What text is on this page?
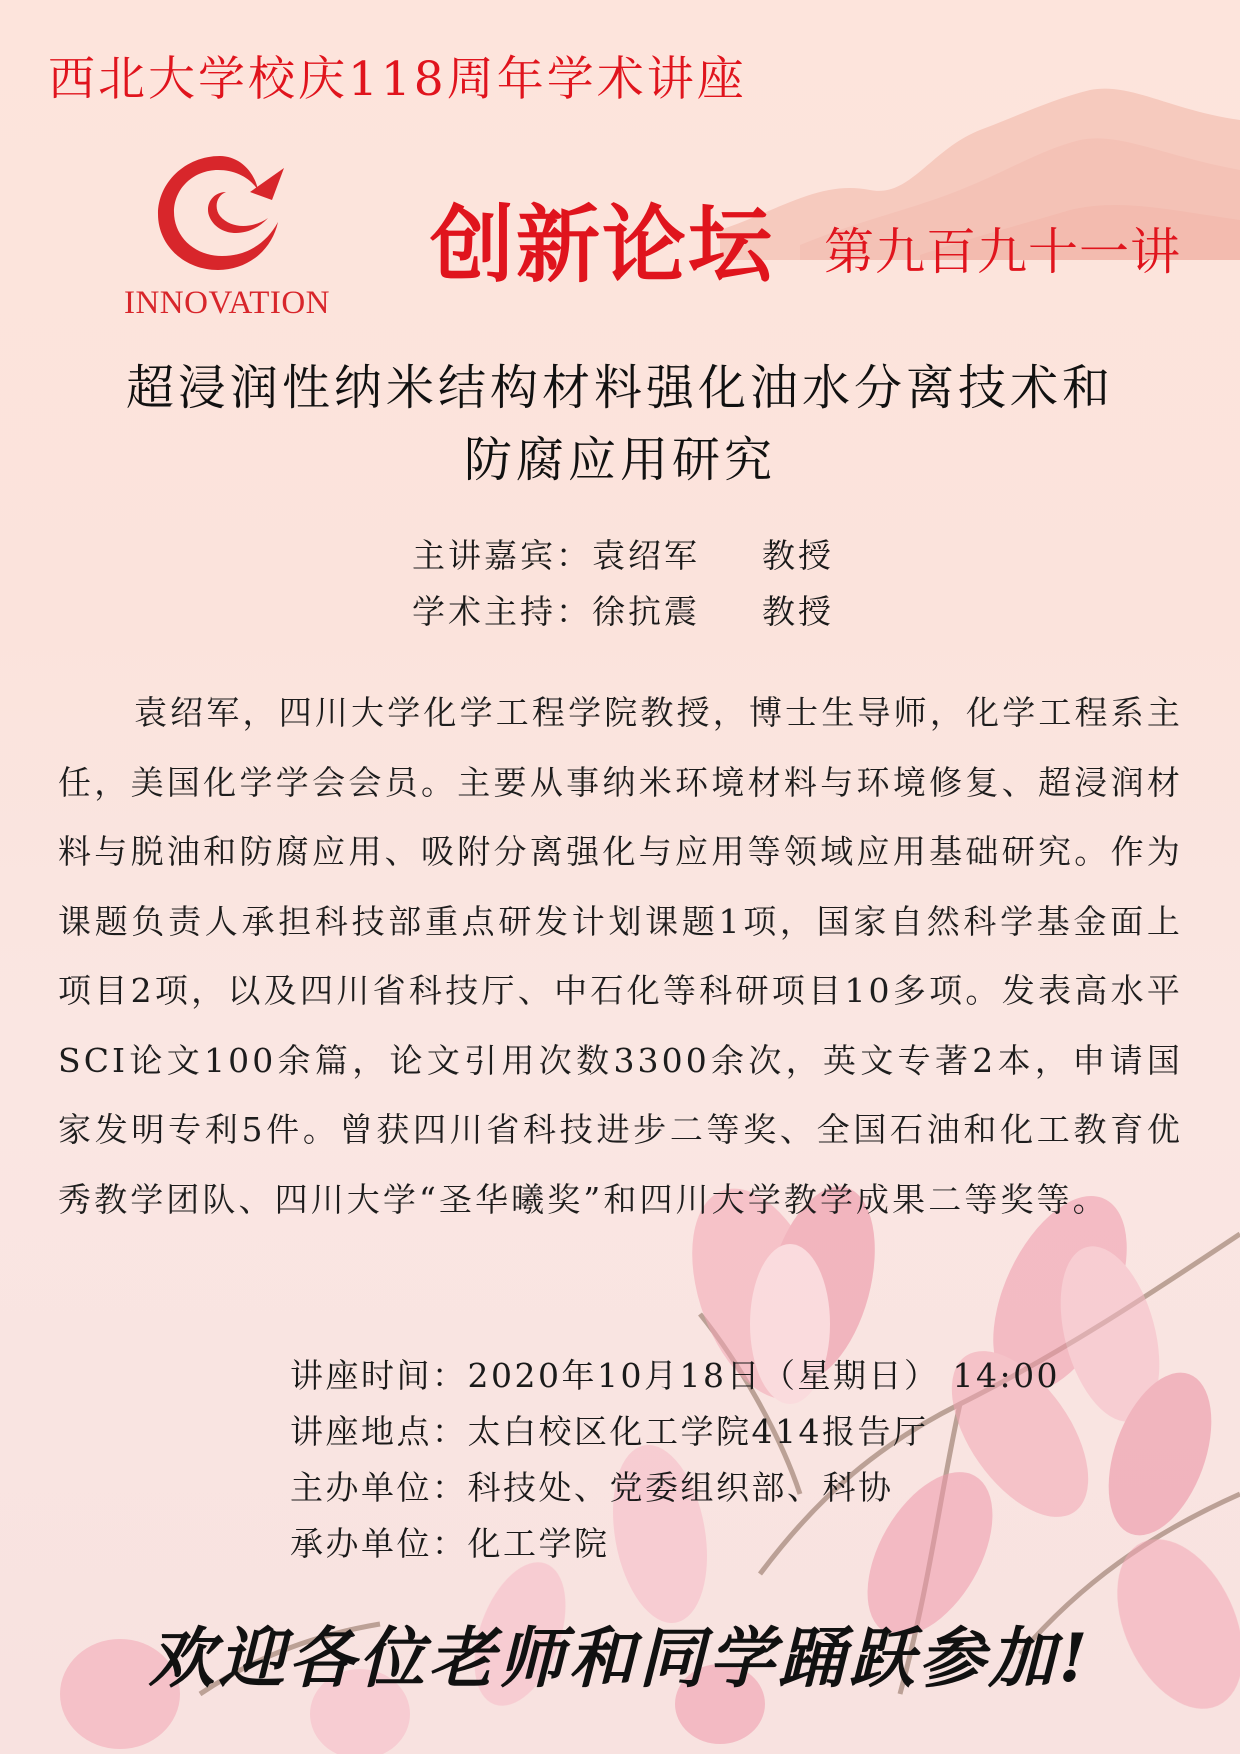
西北大学校庆118周年学术讲座
INNOVATION
创新论坛 第九百九十一讲
超浸润性纳米结构材料强化油水分离技术和
防腐应用研究
主讲嘉宾：袁绍军 教授
学术主持：徐抗震 教授

袁绍军，四川大学化学工程学院教授，博士生导师，化学工程系主任，美国化学学会会员。主要从事纳米环境材料与环境修复、超浸润材料与脱油和防腐应用、吸附分离强化与应用等领域应用基础研究。作为课题负责人承担科技部重点研发计划课题1项，国家自然科学基金面上项目2项，以及四川省科技厅、中石化等科研项目10多项。发表高水平SCI论文100余篇，论文引用次数3300余次，英文专著2本，申请国家发明专利5件。曾获四川省科技进步二等奖、全国石油和化工教育优秀教学团队、四川大学“圣华曦奖”和四川大学教学成果二等奖等。

讲座时间：2020年10月18日（星期日） 14:00
讲座地点：太白校区化工学院414报告厅
主办单位：科技处、党委组织部、科协
承办单位：化工学院

欢迎各位老师和同学踊跃参加!
